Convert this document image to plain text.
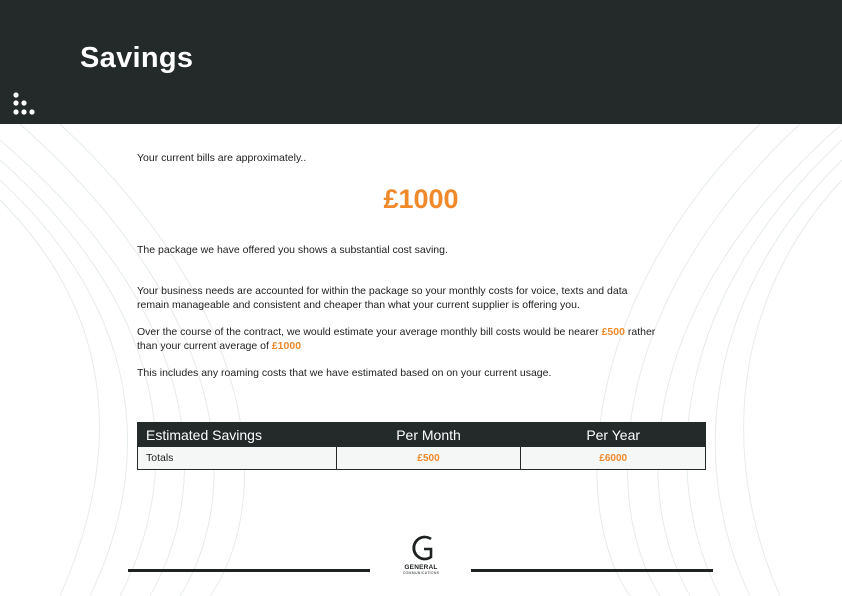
Savings

Your current bills are approximately..

£1000

The package we have offered you shows a substantial cost saving.

Your business needs are accounted for within the package so your monthly costs for voice, texts and data
remain manageable and consistent and cheaper than what your current supplier is offering you.

Over the course of the contract, we would estimate your average monthly bill costs would be nearer £500 rather
than your current average of £1000

This includes any roaming costs that we have estimated based on on your current usage.

Estimated Savings	Per Month	Per Year
Totals	£500	£6000
GENERAL
COMMUNICATIONS
